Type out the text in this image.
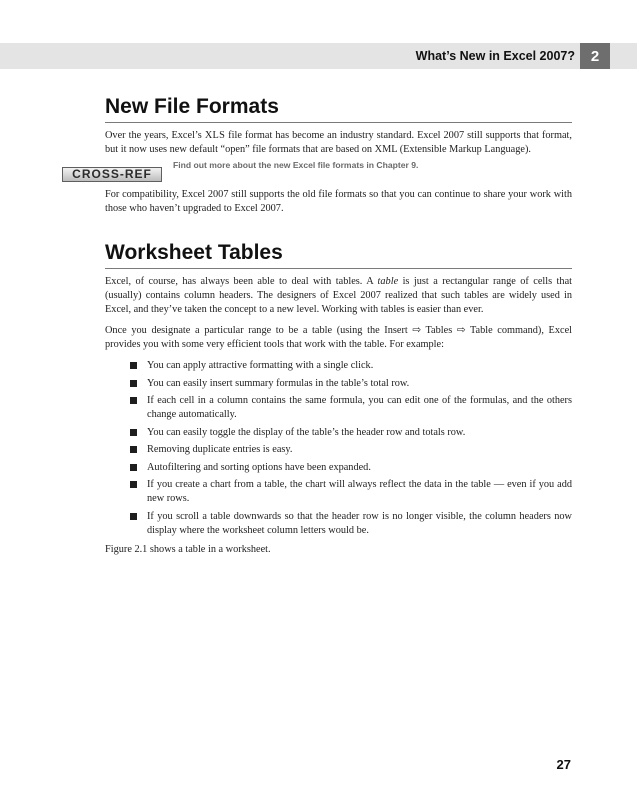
What’s New in Excel 2007?	2
New File Formats

Over the years, Excel’s XLS file format has become an industry standard. Excel 2007 still supports that format, but it now uses new default “open” file formats that are based on XML (Extensible Markup Language).

CROSS-REF
Find out more about the new Excel file formats in Chapter 9.

For compatibility, Excel 2007 still supports the old file formats so that you can continue to share your work with those who haven’t upgraded to Excel 2007.

Worksheet Tables

Excel, of course, has always been able to deal with tables. A table is just a rectangular range of cells that (usually) contains column headers. The designers of Excel 2007 realized that such tables are widely used in Excel, and they’ve taken the concept to a new level. Working with tables is easier than ever.

Once you designate a particular range to be a table (using the Insert ⇨ Tables ⇨ Table command), Excel provides you with some very efficient tools that work with the table. For example:

You can apply attractive formatting with a single click.
You can easily insert summary formulas in the table’s total row.
If each cell in a column contains the same formula, you can edit one of the formulas, and the others change automatically.
You can easily toggle the display of the table’s the header row and totals row.
Removing duplicate entries is easy.
Autofiltering and sorting options have been expanded.
If you create a chart from a table, the chart will always reflect the data in the table — even if you add new rows.
If you scroll a table downwards so that the header row is no longer visible, the column headers now display where the worksheet column letters would be.

Figure 2.1 shows a table in a worksheet.

27
